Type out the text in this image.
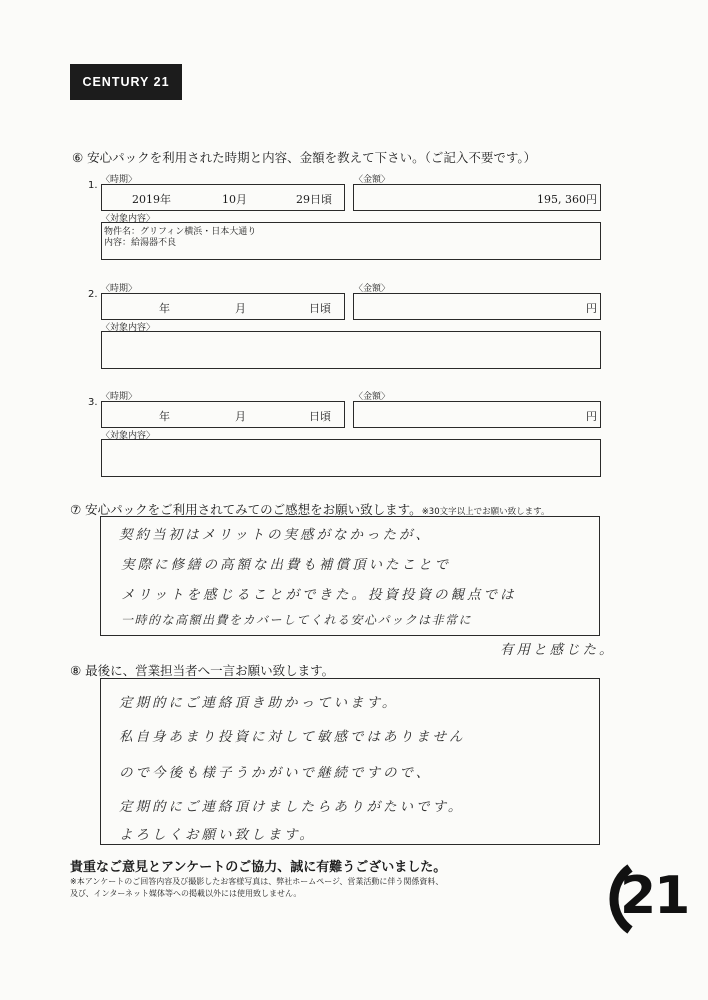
CENTURY 21
⑥ 安心パックを利用された時期と内容、金額を教えて下さい。（ご記入不要です。）
1. 〈時期〉
2019年	10月	29日頃
〈金額〉
195, 360円
〈対象内容〉
物件名：グリフィン横浜・日本大通り
内容：給湯器不良
2. 〈時期〉
年	月	日頃
〈金額〉
円
〈対象内容〉
3. 〈時期〉
年	月	日頃
〈金額〉
円
〈対象内容〉
⑦ 安心パックをご利用されてみてのご感想をお願い致します。※30文字以上でお願い致します。
契約当初はメリットの実感がなかったが、
実際に修繕の高額な出費も補償頂いたことで
メリットを感じることができた。投資投資の観点では
一時的な高額出費をカバーしてくれる安心パックは非常に
有用と感じた。
⑧ 最後に、営業担当者へ一言お願い致します。
定期的にご連絡頂き助かっています。
私自身あまり投資に対して敏感ではありません
ので今後も様子うかがいで継続ですので、
定期的にご連絡頂けましたらありがたいです。
よろしくお願い致します。
貴重なご意見とアンケートのご協力、誠に有難うございました。
※本アンケートのご回答内容及び撮影したお客様写真は、弊社ホームページ、営業活動に伴う関係資料、
及び、インターネット媒体等への掲載以外には使用致しません。	21
